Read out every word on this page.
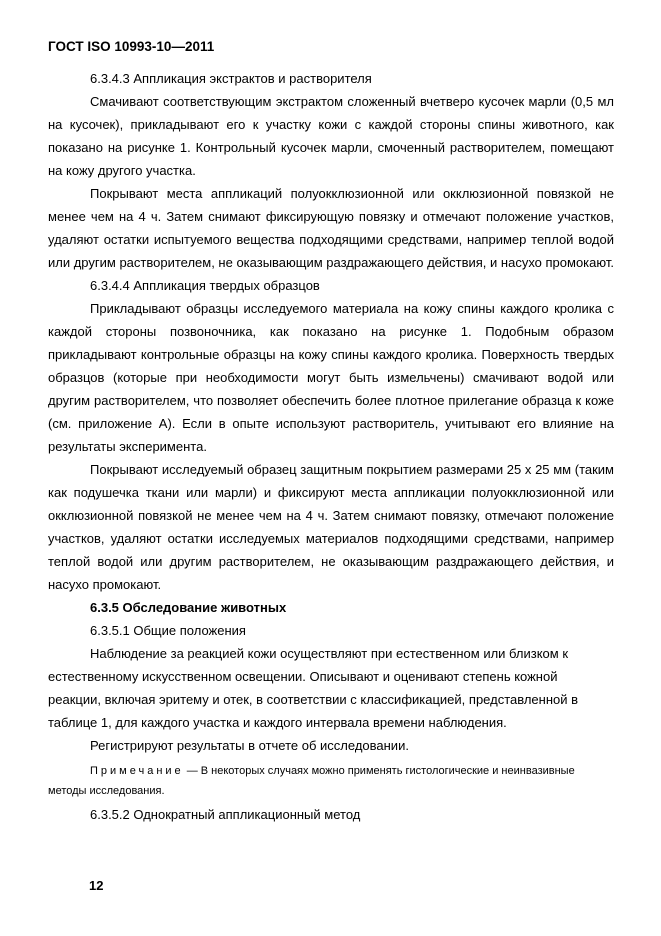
ГОСТ ISO 10993-10—2011

6.3.4.3 Аппликация экстрактов и растворителя

Смачивают соответствующим экстрактом сложенный вчетверо кусочек марли (0,5 мл на кусочек), прикладывают его к участку кожи с каждой стороны спины животного, как показано на рисунке 1. Контрольный кусочек марли, смоченный растворителем, помещают на кожу другого участка.

Покрывают места аппликаций полуокклюзионной или окклюзионной повязкой не менее чем на 4 ч. Затем снимают фиксирующую повязку и отмечают положение участков, удаляют остатки испытуемого вещества подходящими средствами, например теплой водой или другим растворителем, не оказывающим раздражающего действия, и насухо промокают.

6.3.4.4 Аппликация твердых образцов

Прикладывают образцы исследуемого материала на кожу спины каждого кролика с каждой стороны позвоночника, как показано на рисунке 1. Подобным образом прикладывают контрольные образцы на кожу спины каждого кролика. Поверхность твердых образцов (которые при необходимости могут быть измельчены) смачивают водой или другим растворителем, что позволяет обеспечить более плотное прилегание образца к коже (см. приложение А). Если в опыте используют растворитель, учитывают его влияние на результаты эксперимента.

Покрывают исследуемый образец защитным покрытием размерами 25 х 25 мм (таким как подушечка ткани или марли) и фиксируют места аппликации полуокклюзионной или окклюзионной повязкой не менее чем на 4 ч. Затем снимают повязку, отмечают положение участков, удаляют остатки исследуемых материалов подходящими средствами, например теплой водой или другим растворителем, не оказывающим раздражающего действия, и насухо промокают.

6.3.5 Обследование животных

6.3.5.1 Общие положения

Наблюдение за реакцией кожи осуществляют при естественном или близком к естественному искусственном освещении. Описывают и оценивают степень кожной реакции, включая эритему и отек, в соответствии с классификацией, представленной в таблице 1, для каждого участка и каждого интервала времени наблюдения.

Регистрируют результаты в отчете об исследовании.

Примечание — В некоторых случаях можно применять гистологические и неинвазивные методы исследования.

6.3.5.2 Однократный аппликационный метод

12
